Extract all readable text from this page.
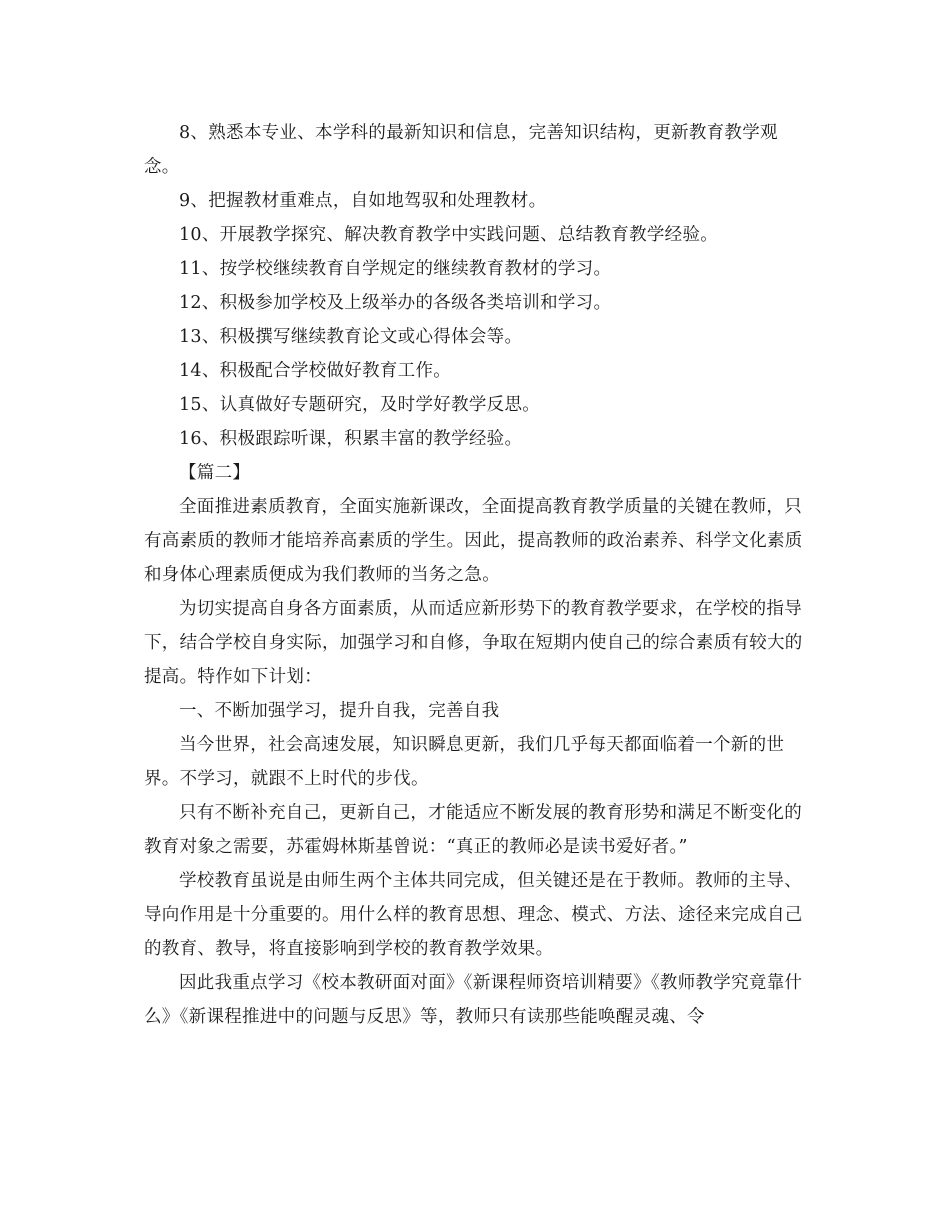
8、熟悉本专业、本学科的最新知识和信息，完善知识结构，更新教育教学观念。

9、把握教材重难点，自如地驾驭和处理教材。

10、开展教学探究、解决教育教学中实践问题、总结教育教学经验。

11、按学校继续教育自学规定的继续教育教材的学习。

12、积极参加学校及上级举办的各级各类培训和学习。

13、积极撰写继续教育论文或心得体会等。

14、积极配合学校做好教育工作。

15、认真做好专题研究，及时学好教学反思。

16、积极跟踪听课，积累丰富的教学经验。

【篇二】

全面推进素质教育，全面实施新课改，全面提高教育教学质量的关键在教师，只有高素质的教师才能培养高素质的学生。因此，提高教师的政治素养、科学文化素质和身体心理素质便成为我们教师的当务之急。

为切实提高自身各方面素质，从而适应新形势下的教育教学要求，在学校的指导下，结合学校自身实际，加强学习和自修，争取在短期内使自己的综合素质有较大的提高。特作如下计划：

一、不断加强学习，提升自我，完善自我

当今世界，社会高速发展，知识瞬息更新，我们几乎每天都面临着一个新的世界。不学习，就跟不上时代的步伐。

只有不断补充自己，更新自己，才能适应不断发展的教育形势和满足不断变化的教育对象之需要，苏霍姆林斯基曾说：“真正的教师必是读书爱好者。”

学校教育虽说是由师生两个主体共同完成，但关键还是在于教师。教师的主导、导向作用是十分重要的。用什么样的教育思想、理念、模式、方法、途径来完成自己的教育、教导，将直接影响到学校的教育教学效果。

因此我重点学习《校本教研面对面》《新课程师资培训精要》《教师教学究竟靠什么》《新课程推进中的问题与反思》等，教师只有读那些能唤醒灵魂、令
